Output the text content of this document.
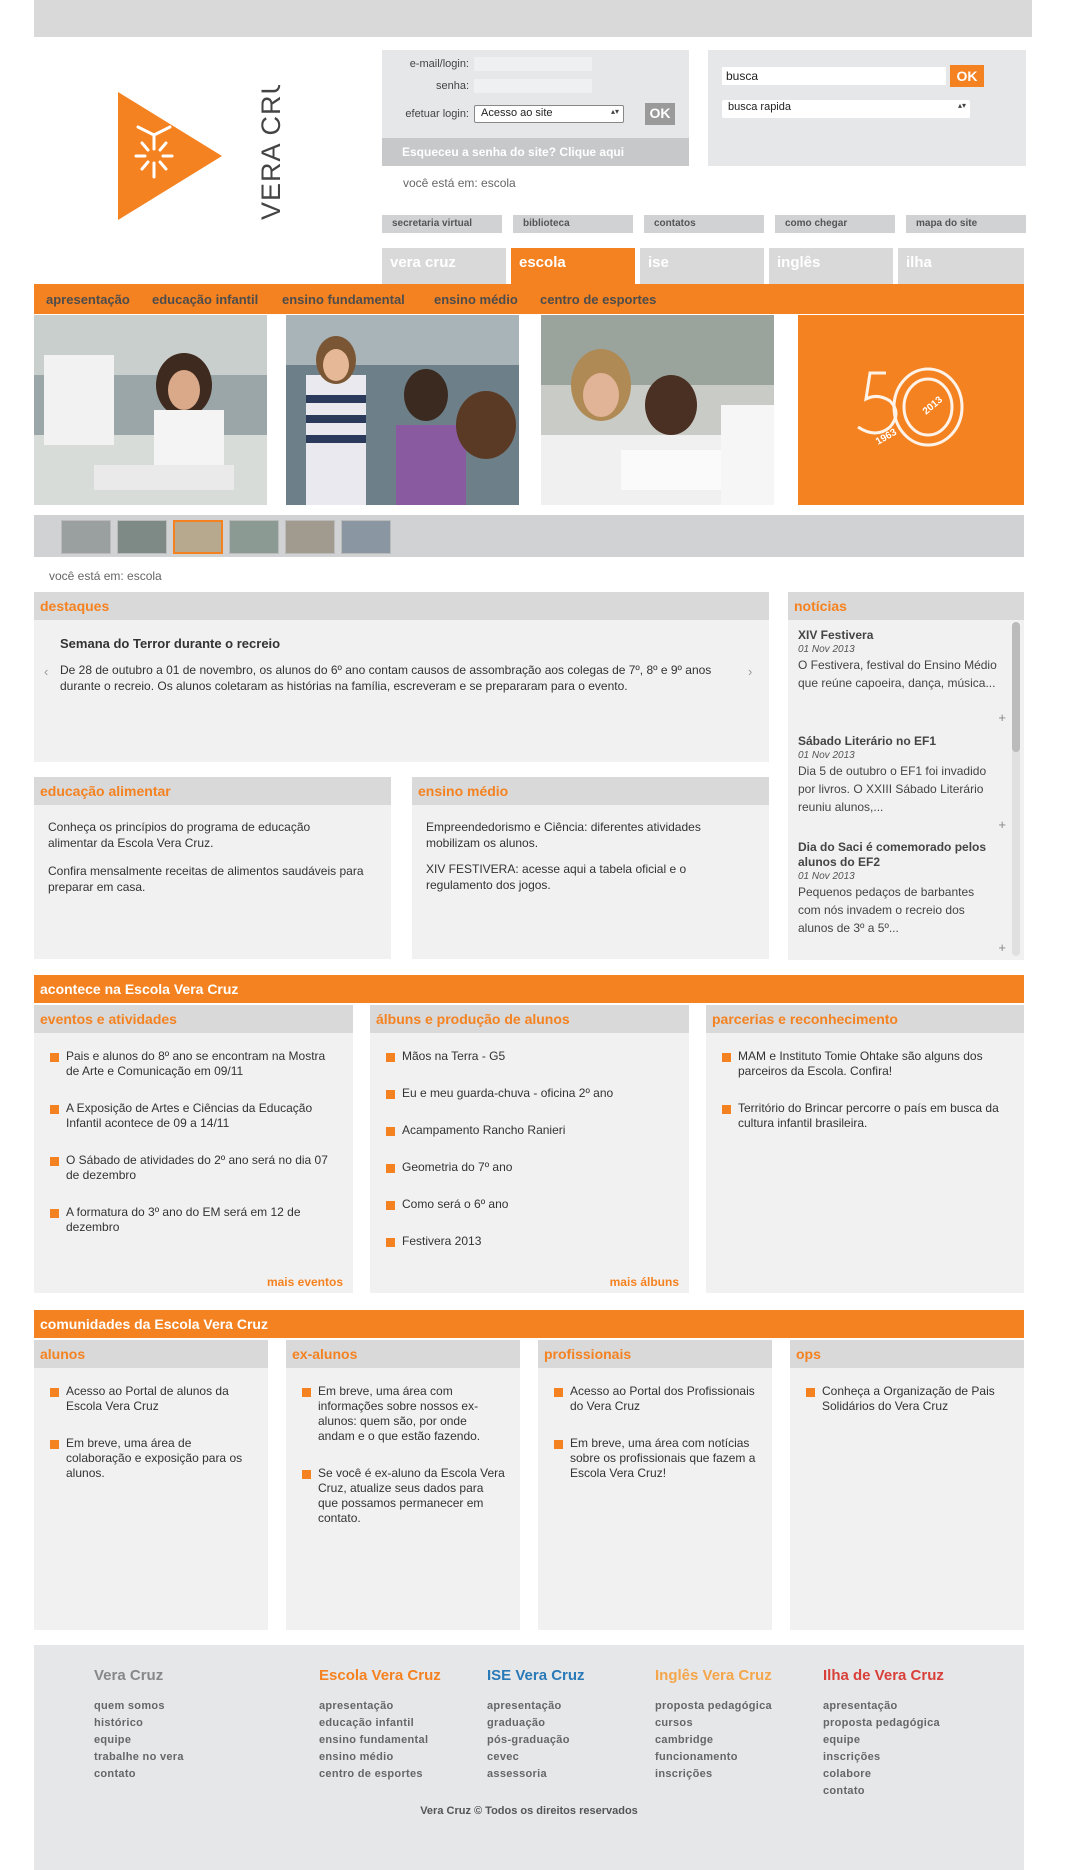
VERA CRUZ	e-mail/login:
senha:
efetuar login:	Acesso ao site	▴▾	OK
Esqueceu a senha do site? Clique aqui
busca
OK
busca rapida	▴▾
você está em: escola
secretaria virtual	biblioteca	contatos	como chegar	mapa do site
vera cruz	escola	ise	inglês	ilha
apresentação educação infantil ensino fundamental ensino médio centro de esportes
1963
2013
você está em: escola
destaques
Semana do Terror durante o recreio
De 28 de outubro a 01 de novembro, os alunos do 6º ano contam causos de assombração aos colegas de 7º, 8º e 9º anos durante o recreio. Os alunos coletaram as histórias na família, escreveram e se prepararam para o evento.
‹	›
notícias
XIV Festivera
01 Nov 2013
O Festivera, festival do Ensino Médio que reúne capoeira, dança, música...
+
Sábado Literário no EF1
01 Nov 2013
Dia 5 de outubro o EF1 foi invadido por livros. O XXIII Sábado Literário reuniu alunos,...
+
Dia do Saci é comemorado pelos alunos do EF2
01 Nov 2013
Pequenos pedaços de barbantes com nós invadem o recreio dos alunos de 3º a 5º...
+
educação alimentar
Conheça os princípios do programa de educação alimentar da Escola Vera Cruz.
Confira mensalmente receitas de alimentos saudáveis para preparar em casa.
ensino médio
Empreendedorismo e Ciência: diferentes atividades mobilizam os alunos.
XIV FESTIVERA: acesse aqui a tabela oficial e o regulamento dos jogos.
acontece na Escola Vera Cruz
eventos e atividades
Pais e alunos do 8º ano se encontram na Mostra de Arte e Comunicação em 09/11
A Exposição de Artes e Ciências da Educação Infantil acontece de 09 a 14/11
O Sábado de atividades do 2º ano será no dia 07 de dezembro
A formatura do 3º ano do EM será em 12 de dezembro
mais eventos
álbuns e produção de alunos
Mãos na Terra - G5
Eu e meu guarda-chuva - oficina 2º ano
Acampamento Rancho Ranieri
Geometria do 7º ano
Como será o 6º ano
Festivera 2013
mais álbuns
parcerias e reconhecimento
MAM e Instituto Tomie Ohtake são alguns dos parceiros da Escola. Confira!
Território do Brincar percorre o país em busca da cultura infantil brasileira.
comunidades da Escola Vera Cruz
alunos
Acesso ao Portal de alunos da Escola Vera Cruz
Em breve, uma área de colaboração e exposição para os alunos.
ex-alunos
Em breve, uma área com informações sobre nossos ex-alunos: quem são, por onde andam e o que estão fazendo.
Se você é ex-aluno da Escola Vera Cruz, atualize seus dados para que possamos permanecer em contato.
profissionais
Acesso ao Portal dos Profissionais do Vera Cruz
Em breve, uma área com notícias sobre os profissionais que fazem a Escola Vera Cruz!
ops
Conheça a Organização de Pais Solidários do Vera Cruz
Vera Cruz
quem somos
histórico
equipe
trabalhe no vera
contato
Escola Vera Cruz
apresentação
educação infantil
ensino fundamental
ensino médio
centro de esportes
ISE Vera Cruz
apresentação
graduação
pós-graduação
cevec
assessoria
Inglês Vera Cruz
proposta pedagógica
cursos
cambridge
funcionamento
inscrições
Ilha de Vera Cruz
apresentação
proposta pedagógica
equipe
inscrições
colabore
contato
Vera Cruz © Todos os direitos reservados
